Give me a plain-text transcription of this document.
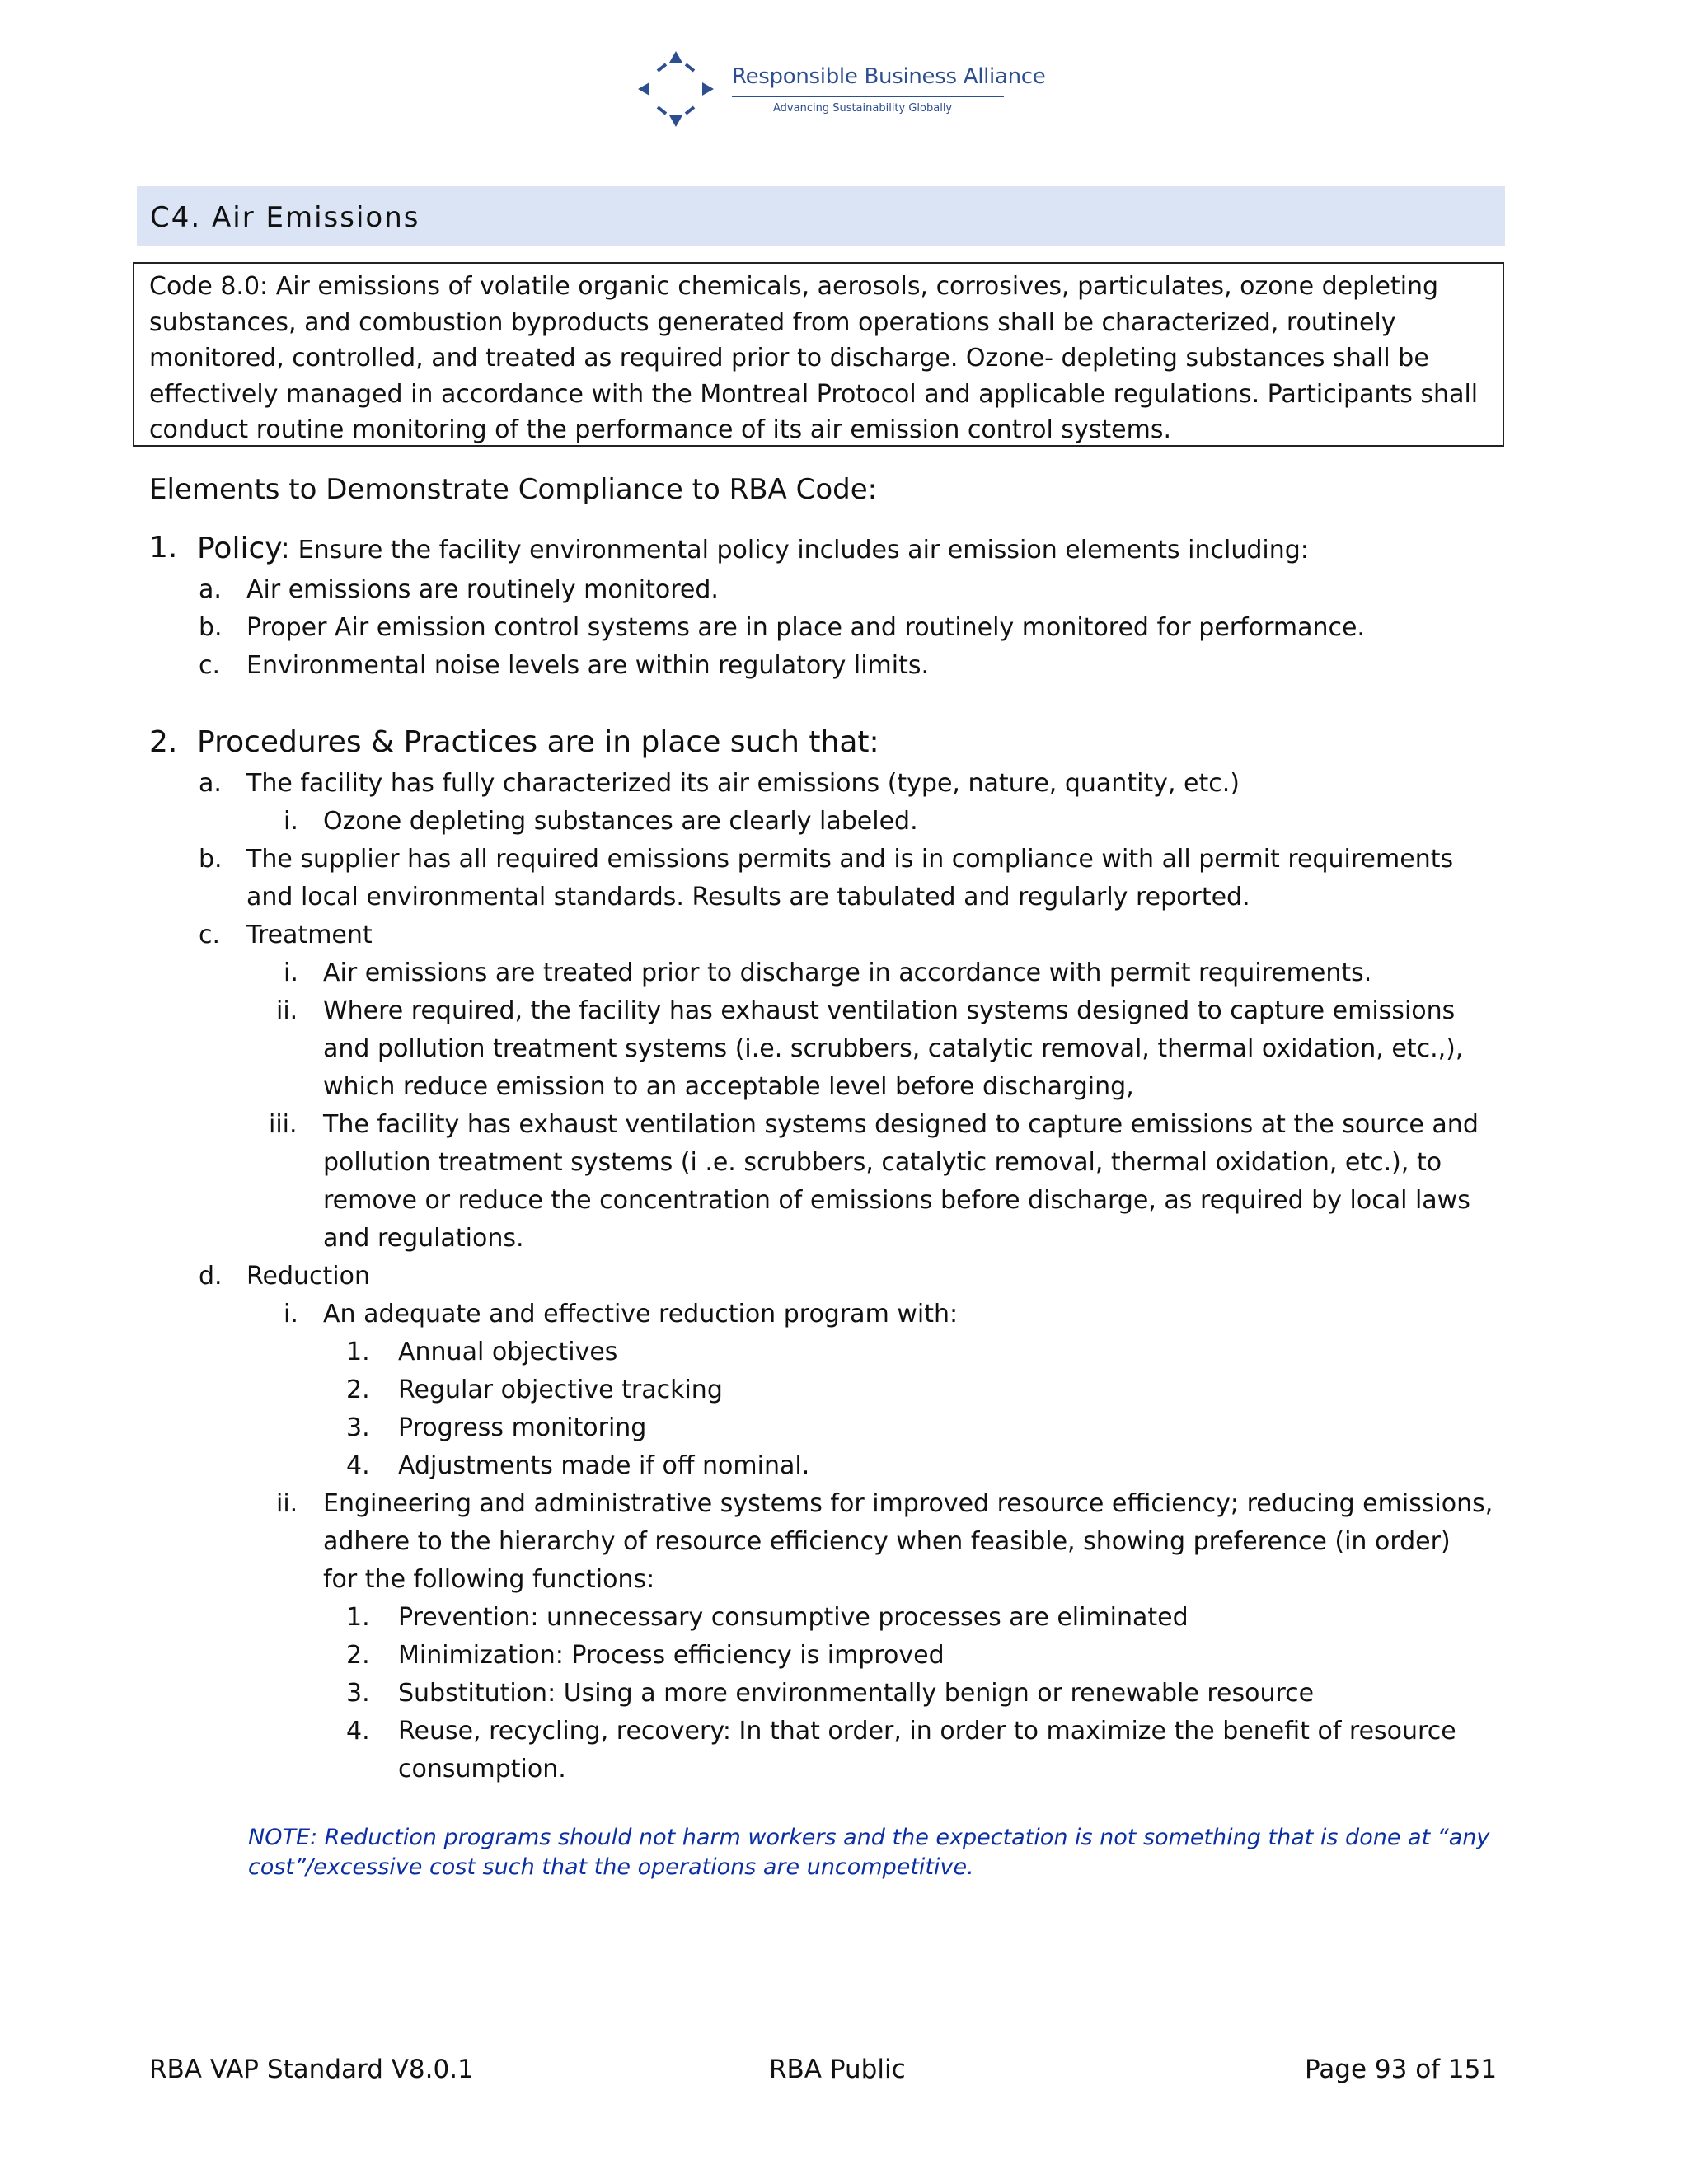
Responsible Business Alliance
Advancing Sustainability Globally
C4. Air Emissions
Code 8.0: Air emissions of volatile organic chemicals, aerosols, corrosives, particulates, ozone depleting substances, and combustion byproducts generated from operations shall be characterized, routinely monitored, controlled, and treated as required prior to discharge. Ozone- depleting substances shall be effectively managed in accordance with the Montreal Protocol and applicable regulations. Participants shall conduct routine monitoring of the performance of its air emission control systems.
Elements to Demonstrate Compliance to RBA Code:
1. Policy: Ensure the facility environmental policy includes air emission elements including:
a. Air emissions are routinely monitored.
b. Proper Air emission control systems are in place and routinely monitored for performance.
c. Environmental noise levels are within regulatory limits.
2. Procedures & Practices are in place such that:
a. The facility has fully characterized its air emissions (type, nature, quantity, etc.)
i. Ozone depleting substances are clearly labeled.
b. The supplier has all required emissions permits and is in compliance with all permit requirements
and local environmental standards. Results are tabulated and regularly reported.
c. Treatment
i. Air emissions are treated prior to discharge in accordance with permit requirements.
ii. Where required, the facility has exhaust ventilation systems designed to capture emissions
and pollution treatment systems (i.e. scrubbers, catalytic removal, thermal oxidation, etc.,),
which reduce emission to an acceptable level before discharging,
iii. The facility has exhaust ventilation systems designed to capture emissions at the source and
pollution treatment systems (i .e. scrubbers, catalytic removal, thermal oxidation, etc.), to
remove or reduce the concentration of emissions before discharge, as required by local laws
and regulations.
d. Reduction
i. An adequate and effective reduction program with:
1. Annual objectives
2. Regular objective tracking
3. Progress monitoring
4. Adjustments made if off nominal.
ii. Engineering and administrative systems for improved resource efficiency; reducing emissions,
adhere to the hierarchy of resource efficiency when feasible, showing preference (in order)
for the following functions:
1. Prevention: unnecessary consumptive processes are eliminated
2. Minimization: Process efficiency is improved
3. Substitution: Using a more environmentally benign or renewable resource
4. Reuse, recycling, recovery: In that order, in order to maximize the benefit of resource
consumption.
NOTE: Reduction programs should not harm workers and the expectation is not something that is done at “any
cost”/excessive cost such that the operations are uncompetitive.
RBA VAP Standard V8.0.1	RBA Public	Page 93 of 151
